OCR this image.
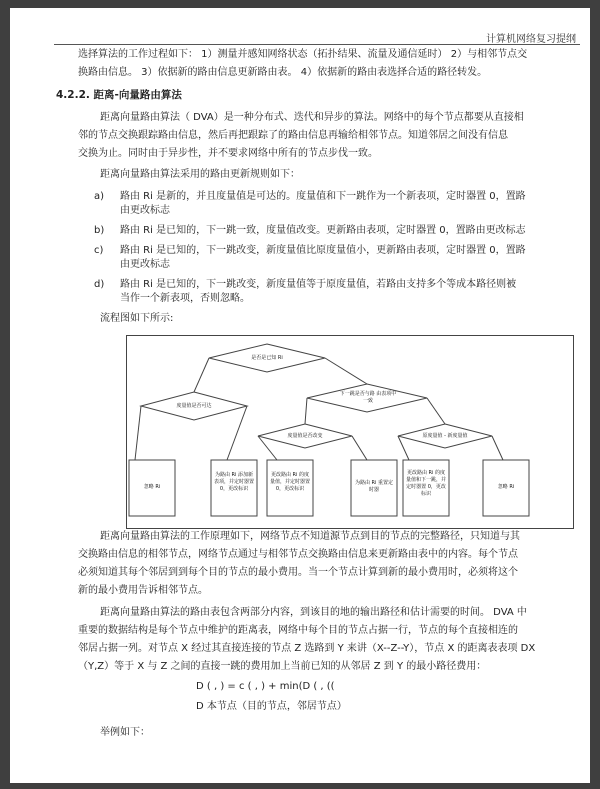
计算机网络复习提纲
选择算法的工作过程如下： 1）测量并感知网络状态（拓扑结果、流量及通信延时） 2）与相邻节点交
换路由信息。 3）依据新的路由信息更新路由表。 4）依据新的路由表选择合适的路径转发。
4.2.2. 距离-向量路由算法
距离向量路由算法（ DVA）是一种分布式、迭代和异步的算法。网络中的每个节点都要从直接相
邻的节点交换跟踪路由信息，然后再把跟踪了的路由信息再输给相邻节点。知道邻居之间没有信息
交换为止。同时由于异步性，并不要求网络中所有的节点步伐一致。
距离向量路由算法采用的路由更新规则如下：
a) 路由 Ri 是新的，并且度量值是可达的。度量值和下一跳作为一个新表项，定时器置 0，置路
由更改标志
b) 路由 Ri 是已知的，下一跳一致，度量值改变。更新路由表项，定时器置 0，置路由更改标志
c) 路由 Ri 是已知的，下一跳改变，新度量值比原度量值小，更新路由表项，定时器置 0，置路
由更改标志
d) 路由 Ri 是已知的，下一跳改变，新度量值等于原度量值，若路由支持多个等成本路径则被
当作一个新表项，否则忽略。
流程图如下所示:
是否是已知 Ri
度量值是否可达
下一跳是否与路 由表项中一致
度量值是否改变	原度量值 - 新度量值
忽略 Ri
为路由 Ri 添加新表项，并定时器置 0，更改标识
更改路由 Ri 的度量值，并定时器置 0，更改标识
为路由 Ri 重置定时器
更改路由 Ri 的度量值和下一跳，并定时器置 0，更改标识
忽略 Ri
距离向量路由算法的工作原理如下，网络节点不知道源节点到目的节点的完整路径，只知道与其
交换路由信息的相邻节点，网络节点通过与相邻节点交换路由信息来更新路由表中的内容。每个节点
必须知道其每个邻居到到每个目的节点的最小费用。当一个节点计算到新的最小费用时，必须将这个
新的最小费用告诉相邻节点。
距离向量路由算法的路由表包含两部分内容，到该目的地的输出路径和估计需要的时间。 DVA 中
重要的数据结构是每个节点中维护的距离表，网络中每个目的节点占据一行，节点的每个直接相连的
邻居占据一列。对节点 X 经过其直接连接的节点 Z 选路到 Y 来讲（X--Z--Y），节点 X 的距离表表项 DX
（Y,Z）等于 X 与 Z 之间的直接一跳的费用加上当前已知的从邻居 Z 到 Y 的最小路径费用：
D ( , ) = c ( , ) + min(D ( , ((
D 本节点（目的节点，邻居节点）
举例如下：
知乎 @大学资料库
